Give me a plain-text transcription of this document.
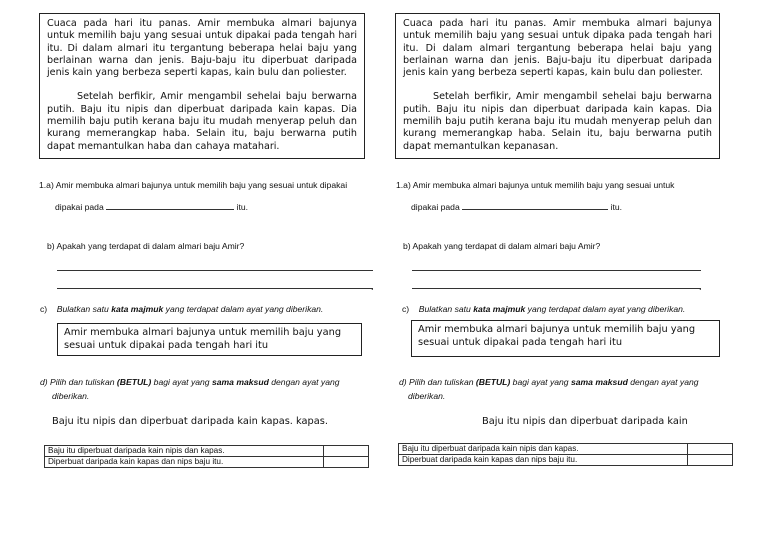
Cuaca pada hari itu panas. Amir membuka almari bajunya untuk memilih baju yang sesuai untuk dipakai pada tengah hari itu. Di dalam almari itu tergantung beberapa helai baju yang berlainan warna dan jenis. Baju-baju itu diperbuat daripada jenis kain yang berbeza seperti kapas, kain bulu dan poliester.

Setelah berfikir, Amir mengambil sehelai baju berwarna putih. Baju itu nipis dan diperbuat daripada kain kapas. Dia memilih baju putih kerana baju itu mudah menyerap peluh dan kurang memerangkap haba. Selain itu, baju berwarna putih dapat memantulkan haba dan cahaya matahari.

1.a) Amir membuka almari bajunya untuk memilih baju yang sesuai untuk dipakai
dipakai pada	itu.
b) Apakah yang terdapat di dalam almari baju Amir?
.
c) Bulatkan satu kata majmuk yang terdapat dalam ayat yang diberikan.
Amir membuka almari bajunya untuk memilih baju yang sesuai untuk dipakai pada tengah hari itu
d) Pilih dan tuliskan (BETUL) bagi ayat yang sama maksud dengan ayat yang
diberikan.
Baju itu nipis dan diperbuat daripada kain kapas. kapas.
Baju itu diperbuat daripada kain nipis dan kapas.	
Diperbuat daripada kain kapas dan nips baju itu.	

Cuaca pada hari itu panas. Amir membuka almari bajunya untuk memilih baju yang sesuai untuk dipaka pada tengah hari itu. Di dalam almari tergantung beberapa helai baju yang berlainan warna dan jenis. Baju-baju itu diperbuat daripada jenis kain yang berbeza seperti kapas, kain bulu dan poliester.

Setelah berfikir, Amir mengambil sehelai baju berwarna putih. Baju itu nipis dan diperbuat daripada kain kapas. Dia memilih baju putih kerana baju itu mudah menyerap peluh dan kurang memerangkap haba. Selain itu, baju berwarna putih dapat memantulkan kepanasan.

1.a) Amir membuka almari bajunya untuk memilih baju yang sesuai untuk
dipakai pada	itu.
b) Apakah yang terdapat di dalam almari baju Amir?
.
c) Bulatkan satu kata majmuk yang terdapat dalam ayat yang diberikan.
Amir membuka almari bajunya untuk memilih baju yang sesuai untuk dipakai pada tengah hari itu
d) Pilih dan tuliskan (BETUL) bagi ayat yang sama maksud dengan ayat yang
diberikan.
Baju itu nipis dan diperbuat daripada kain
Baju itu diperbuat daripada kain nipis dan kapas.	
Diperbuat daripada kain kapas dan nips baju itu.	
